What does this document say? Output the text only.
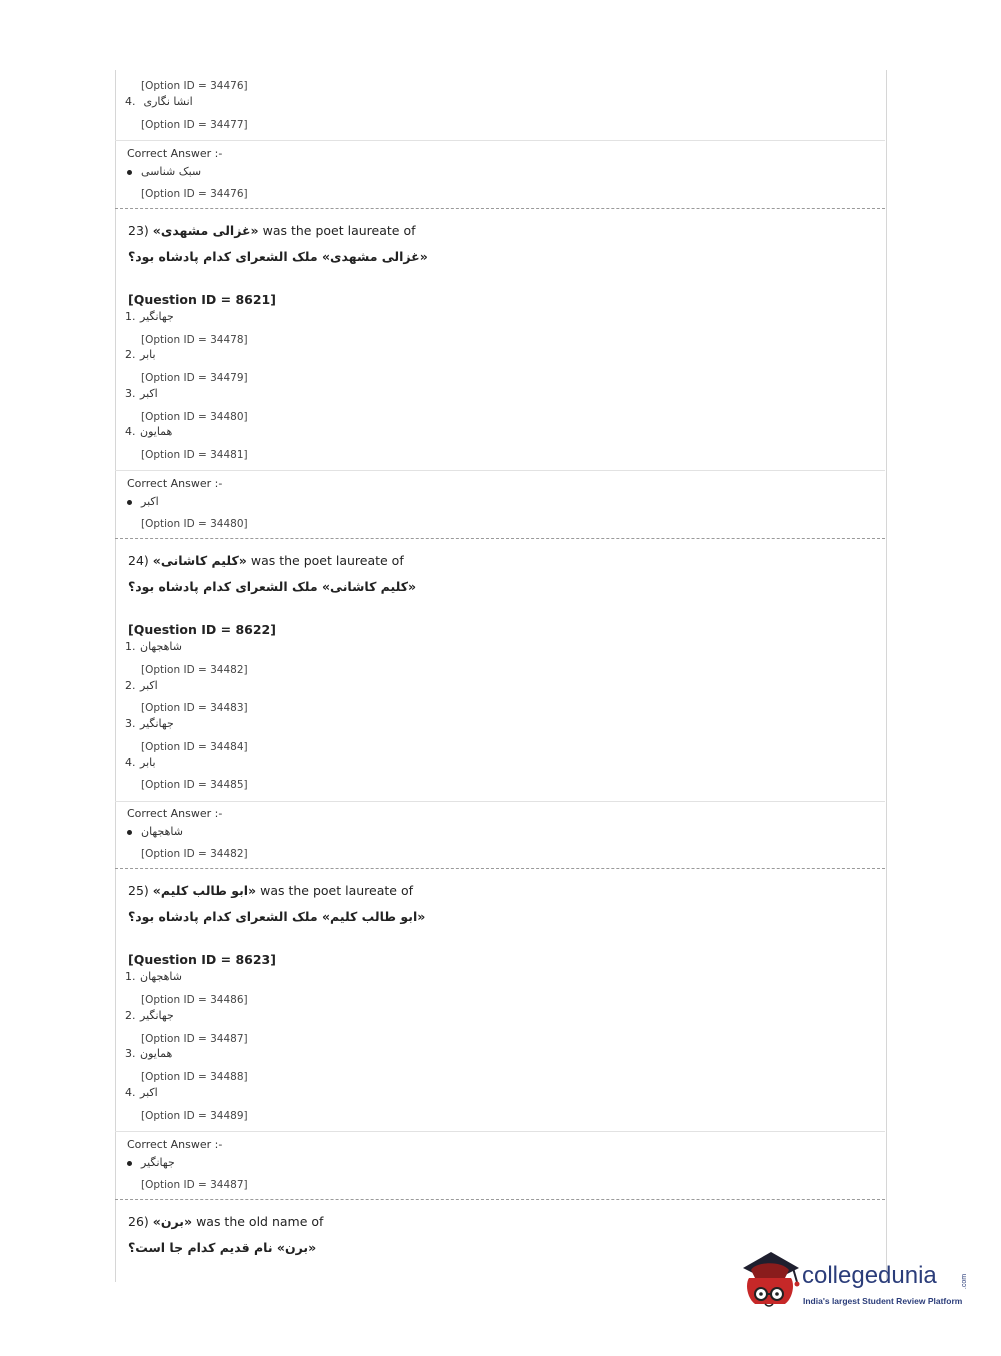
[Option ID = 34476]
4. انشا نگاری
[Option ID = 34477]
Correct Answer :-
سبک شناسی
[Option ID = 34476]
23) «غزالی مشهدی» was the poet laureate of
«غزالی مشهدی» ملک الشعرای کدام پادشاه بود؟
[Question ID = 8621]
1. جهانگیر
[Option ID = 34478]
2. بابر
[Option ID = 34479]
3. اکبر
[Option ID = 34480]
4. همایون
[Option ID = 34481]
Correct Answer :-
اکبر
[Option ID = 34480]
24) «کلیم کاشانی» was the poet laureate of
«کلیم کاشانی» ملک الشعرای کدام پادشاه بود؟
[Question ID = 8622]
1. شاهجهان
[Option ID = 34482]
2. اکبر
[Option ID = 34483]
3. جهانگیر
[Option ID = 34484]
4. بابر
[Option ID = 34485]
Correct Answer :-
شاهجهان
[Option ID = 34482]
25) «ابو طالب کلیم» was the poet laureate of
«ابو طالب کلیم» ملک الشعرای کدام پادشاه بود؟
[Question ID = 8623]
1. شاهجهان
[Option ID = 34486]
2. جهانگیر
[Option ID = 34487]
3. همایون
[Option ID = 34488]
4. اکبر
[Option ID = 34489]
Correct Answer :-
جهانگیر
[Option ID = 34487]
26) «برن» was the old name of
«برن» نام قدیم کدام جا است؟
collegedunia	.com
India's largest Student Review Platform
